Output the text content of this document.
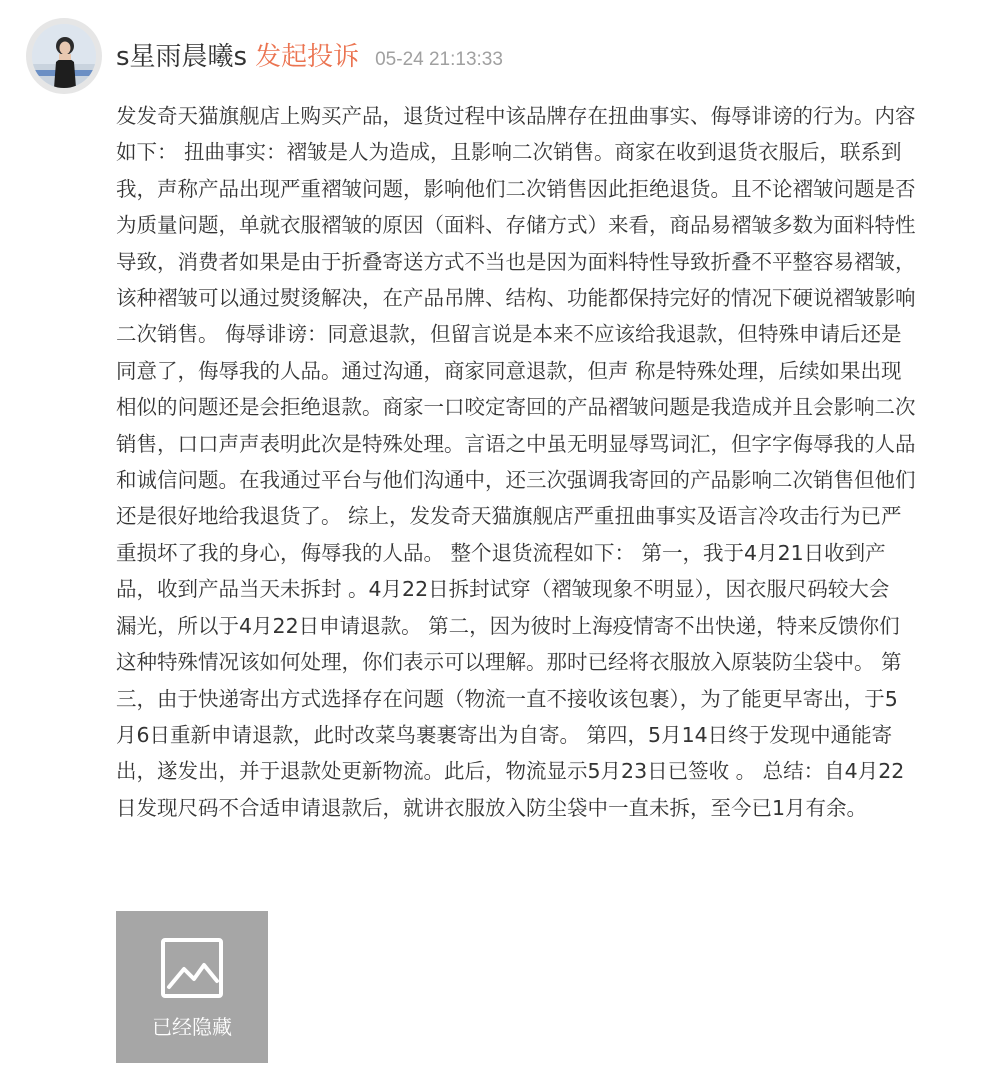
s星雨晨曦s 发起投诉 05-24 21:13:33

发发奇天猫旗舰店上购买产品，退货过程中该品牌存在扭曲事实、侮辱诽谤的行为。内容
如下： 扭曲事实：褶皱是人为造成，且影响二次销售。商家在收到退货衣服后，联系到
我，声称产品出现严重褶皱问题，影响他们二次销售因此拒绝退货。且不论褶皱问题是否
为质量问题，单就衣服褶皱的原因（面料、存储方式）来看，商品易褶皱多数为面料特性
导致，消费者如果是由于折叠寄送方式不当也是因为面料特性导致折叠不平整容易褶皱，
该种褶皱可以通过熨烫解决，在产品吊牌、结构、功能都保持完好的情况下硬说褶皱影响
二次销售。 侮辱诽谤：同意退款，但留言说是本来不应该给我退款，但特殊申请后还是
同意了，侮辱我的人品。通过沟通，商家同意退款，但声 称是特殊处理，后续如果出现
相似的问题还是会拒绝退款。商家一口咬定寄回的产品褶皱问题是我造成并且会影响二次
销售，口口声声表明此次是特殊处理。言语之中虽无明显辱骂词汇，但字字侮辱我的人品
和诚信问题。在我通过平台与他们沟通中，还三次强调我寄回的产品影响二次销售但他们
还是很好地给我退货了。 综上，发发奇天猫旗舰店严重扭曲事实及语言冷攻击行为已严
重损坏了我的身心，侮辱我的人品。 整个退货流程如下： 第一，我于4月21日收到产
品，收到产品当天未拆封 。4月22日拆封试穿（褶皱现象不明显），因衣服尺码较大会
漏光，所以于4月22日申请退款。 第二，因为彼时上海疫情寄不出快递，特来反馈你们
这种特殊情况该如何处理，你们表示可以理解。那时已经将衣服放入原装防尘袋中。 第
三，由于快递寄出方式选择存在问题（物流一直不接收该包裹），为了能更早寄出，于5
月6日重新申请退款，此时改菜鸟裹裹寄出为自寄。 第四，5月14日终于发现中通能寄
出，遂发出，并于退款处更新物流。此后，物流显示5月23日已签收 。 总结：自4月22
日发现尺码不合适申请退款后，就讲衣服放入防尘袋中一直未拆，至今已1月有余。

已经隐藏
